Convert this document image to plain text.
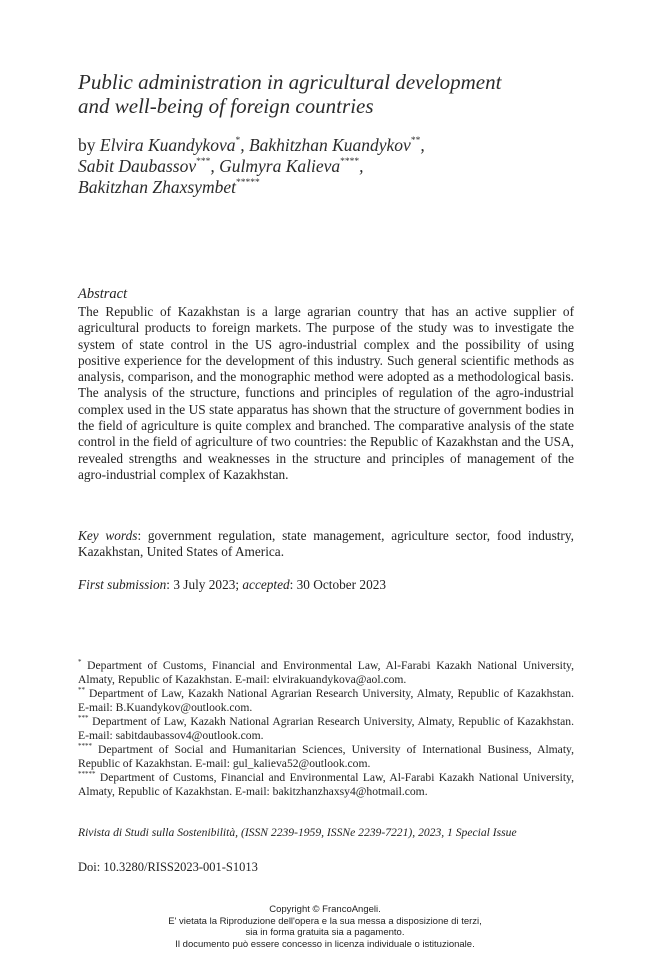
Public administration in agricultural development
and well-being of foreign countries
by Elvira Kuandykova*, Bakhitzhan Kuandykov**,
Sabit Daubassov***, Gulmyra Kalieva****,
Bakitzhan Zhaxsymbet*****
Abstract

The Republic of Kazakhstan is a large agrarian country that has an active supplier of agricultural products to foreign markets. The purpose of the study was to investigate the system of state control in the US agro-industrial complex and the possibility of using positive experience for the development of this industry. Such general scientific methods as analysis, comparison, and the monographic method were adopted as a methodological basis. The analysis of the structure, functions and principles of regulation of the agro-industrial complex used in the US state apparatus has shown that the structure of government bodies in the field of agriculture is quite complex and branched. The comparative analysis of the state control in the field of agriculture of two countries: the Republic of Kazakhstan and the USA, revealed strengths and weaknesses in the structure and principles of management of the agro-industrial complex of Kazakhstan.

Key words: government regulation, state management, agriculture sector, food industry, Kazakhstan, United States of America.

First submission: 3 July 2023; accepted: 30 October 2023

* Department of Customs, Financial and Environmental Law, Al-Farabi Kazakh National University, Almaty, Republic of Kazakhstan. E-mail: elvirakuandykova@aol.com.

** Department of Law, Kazakh National Agrarian Research University, Almaty, Republic of Kazakhstan. E-mail: B.Kuandykov@outlook.com.

*** Department of Law, Kazakh National Agrarian Research University, Almaty, Republic of Kazakhstan. E-mail: sabitdaubassov4@outlook.com.

**** Department of Social and Humanitarian Sciences, University of International Business, Almaty, Republic of Kazakhstan. E-mail: gul_kalieva52@outlook.com.

***** Department of Customs, Financial and Environmental Law, Al-Farabi Kazakh National University, Almaty, Republic of Kazakhstan. E-mail: bakitzhanzhaxsy4@hotmail.com.

Rivista di Studi sulla Sostenibilità, (ISSN 2239-1959, ISSNe 2239-7221), 2023, 1 Special Issue
Doi: 10.3280/RISS2023-001-S1013
Copyright © FrancoAngeli.
E' vietata la Riproduzione dell'opera e la sua messa a disposizione di terzi,
sia in forma gratuita sia a pagamento.
Il documento può essere concesso in licenza individuale o istituzionale.
